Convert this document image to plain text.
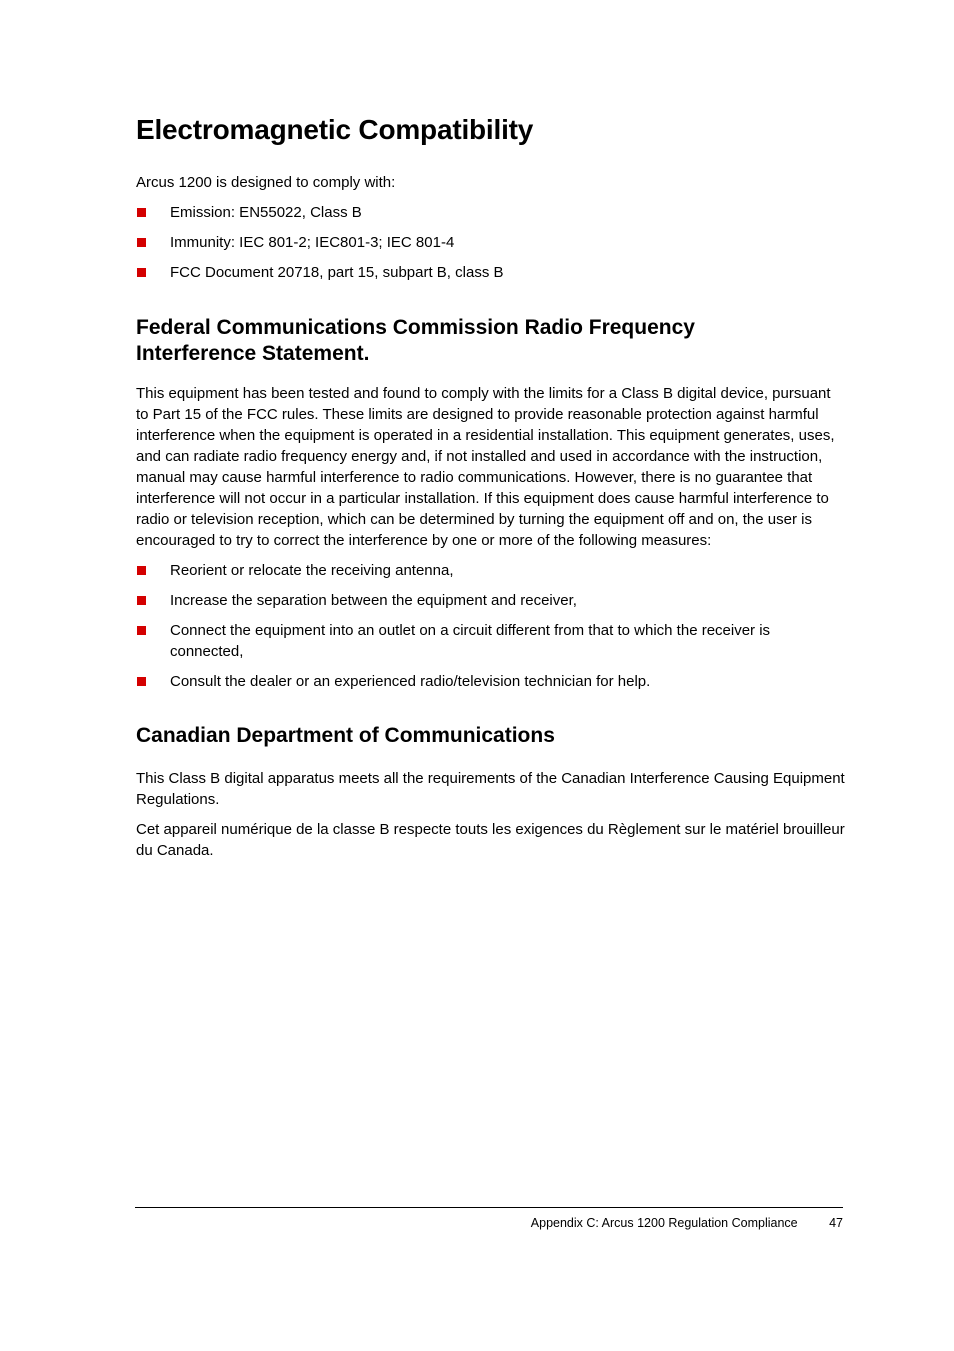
Electromagnetic Compatibility

Arcus 1200 is designed to comply with:

Emission: EN55022, Class B
Immunity: IEC 801-2; IEC801-3; IEC 801-4
FCC Document 20718, part 15, subpart B, class B
Federal Communications Commission Radio Frequency
Interference Statement.

This equipment has been tested and found to comply with the limits for a Class B digital device, pursuant to Part 15 of the FCC rules. These limits are designed to provide reasonable protection against harmful interference when the equipment is operated in a residential installation. This equipment generates, uses, and can radiate radio frequency energy and, if not installed and used in accordance with the instruction, manual may cause harmful interference to radio communications. However, there is no guarantee that interference will not occur in a particular installation. If this equipment does cause harmful interference to radio or television reception, which can be determined by turning the equipment off and on, the user is encouraged to try to correct the interference by one or more of the following measures:

Reorient or relocate the receiving antenna,
Increase the separation between the equipment and receiver,
Connect the equipment into an outlet on a circuit different from that to which the receiver is connected,
Consult the dealer or an experienced radio/television technician for help.
Canadian Department of Communications

This Class B digital apparatus meets all the requirements of the Canadian Interference Causing Equipment Regulations.

Cet appareil numérique de la classe B respecte touts les exigences du Règlement sur le matériel brouilleur du Canada.

Appendix C: Arcus 1200 Regulation Compliance	47
